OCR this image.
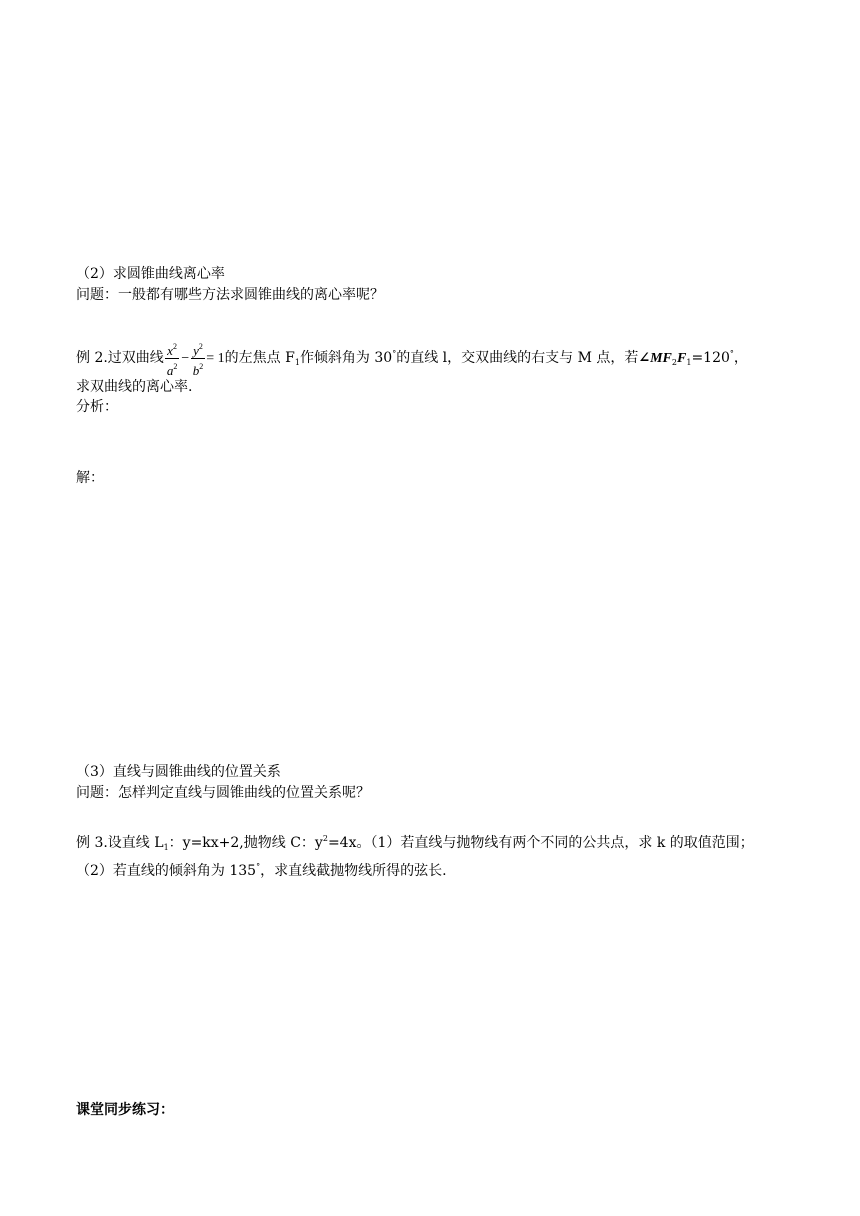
（2）求圆锥曲线离心率
问题：一般都有哪些方法求圆锥曲线的离心率呢？
例 2.过双曲线 $\frac{x^2}{a^2} - \frac{y^2}{b^2} = 1$的左焦点 $F_1$作倾斜角为 30°的直线 l，交双曲线的右支与 M 点，若$\angle MF_2F_1=120^\circ$，
求双曲线的离心率.
分析：
解：
（3）直线与圆锥曲线的位置关系
问题：怎样判定直线与圆锥曲线的位置关系呢？
例 3.设直线 $L_1$：y=kx+2,抛物线 C：$y^2=4x$。（1）若直线与抛物线有两个不同的公共点，求 k 的取值范围；
（2）若直线的倾斜角为 135°，求直线截抛物线所得的弦长.
课堂同步练习：
